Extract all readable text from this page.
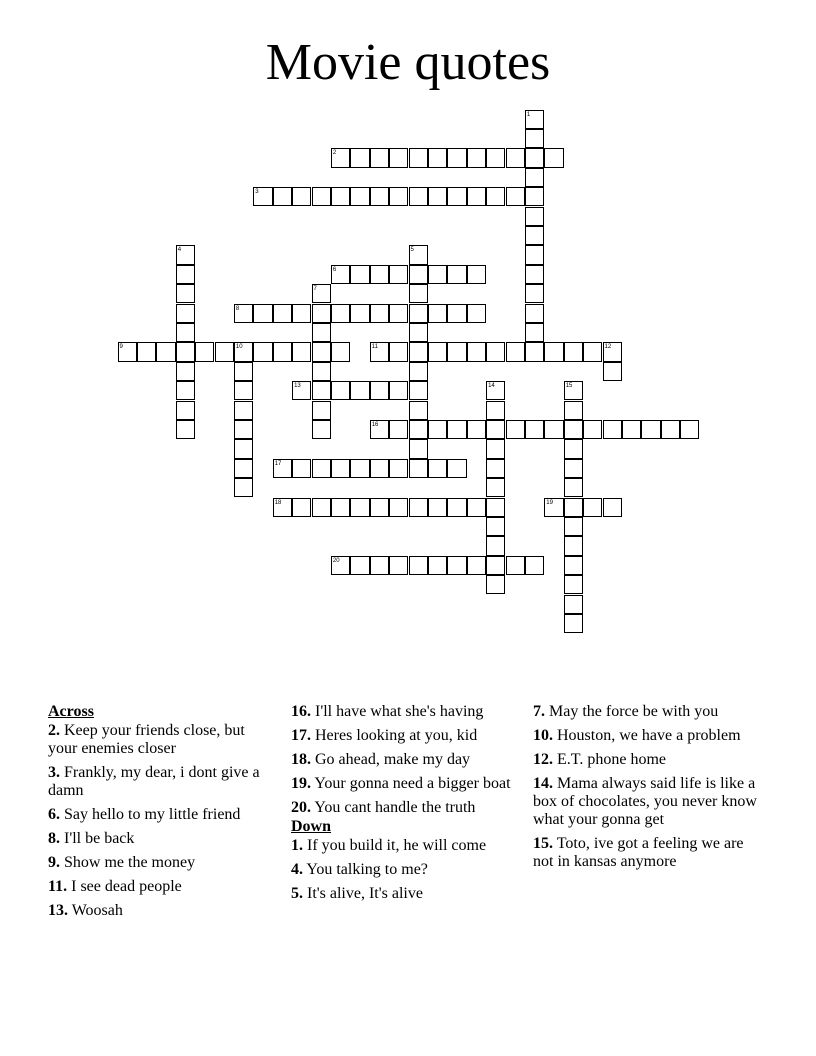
Movie quotes
1
2
3
4	5
6
7
8
9	10	11	12
13	14	15
16
17
18	19
20
Across
2. Keep your friends close, but your enemies closer
3. Frankly, my dear, i dont give a damn
6. Say hello to my little friend
8. I'll be back
9. Show me the money
11. I see dead people
13. Woosah
16. I'll have what she's having
17. Heres looking at you, kid
18. Go ahead, make my day
19. Your gonna need a bigger boat
20. You cant handle the truth
Down
1. If you build it, he will come
4. You talking to me?
5. It's alive, It's alive
7. May the force be with you
10. Houston, we have a problem
12. E.T. phone home
14. Mama always said life is like a box of chocolates, you never know what your gonna get
15. Toto, ive got a feeling we are not in kansas anymore
